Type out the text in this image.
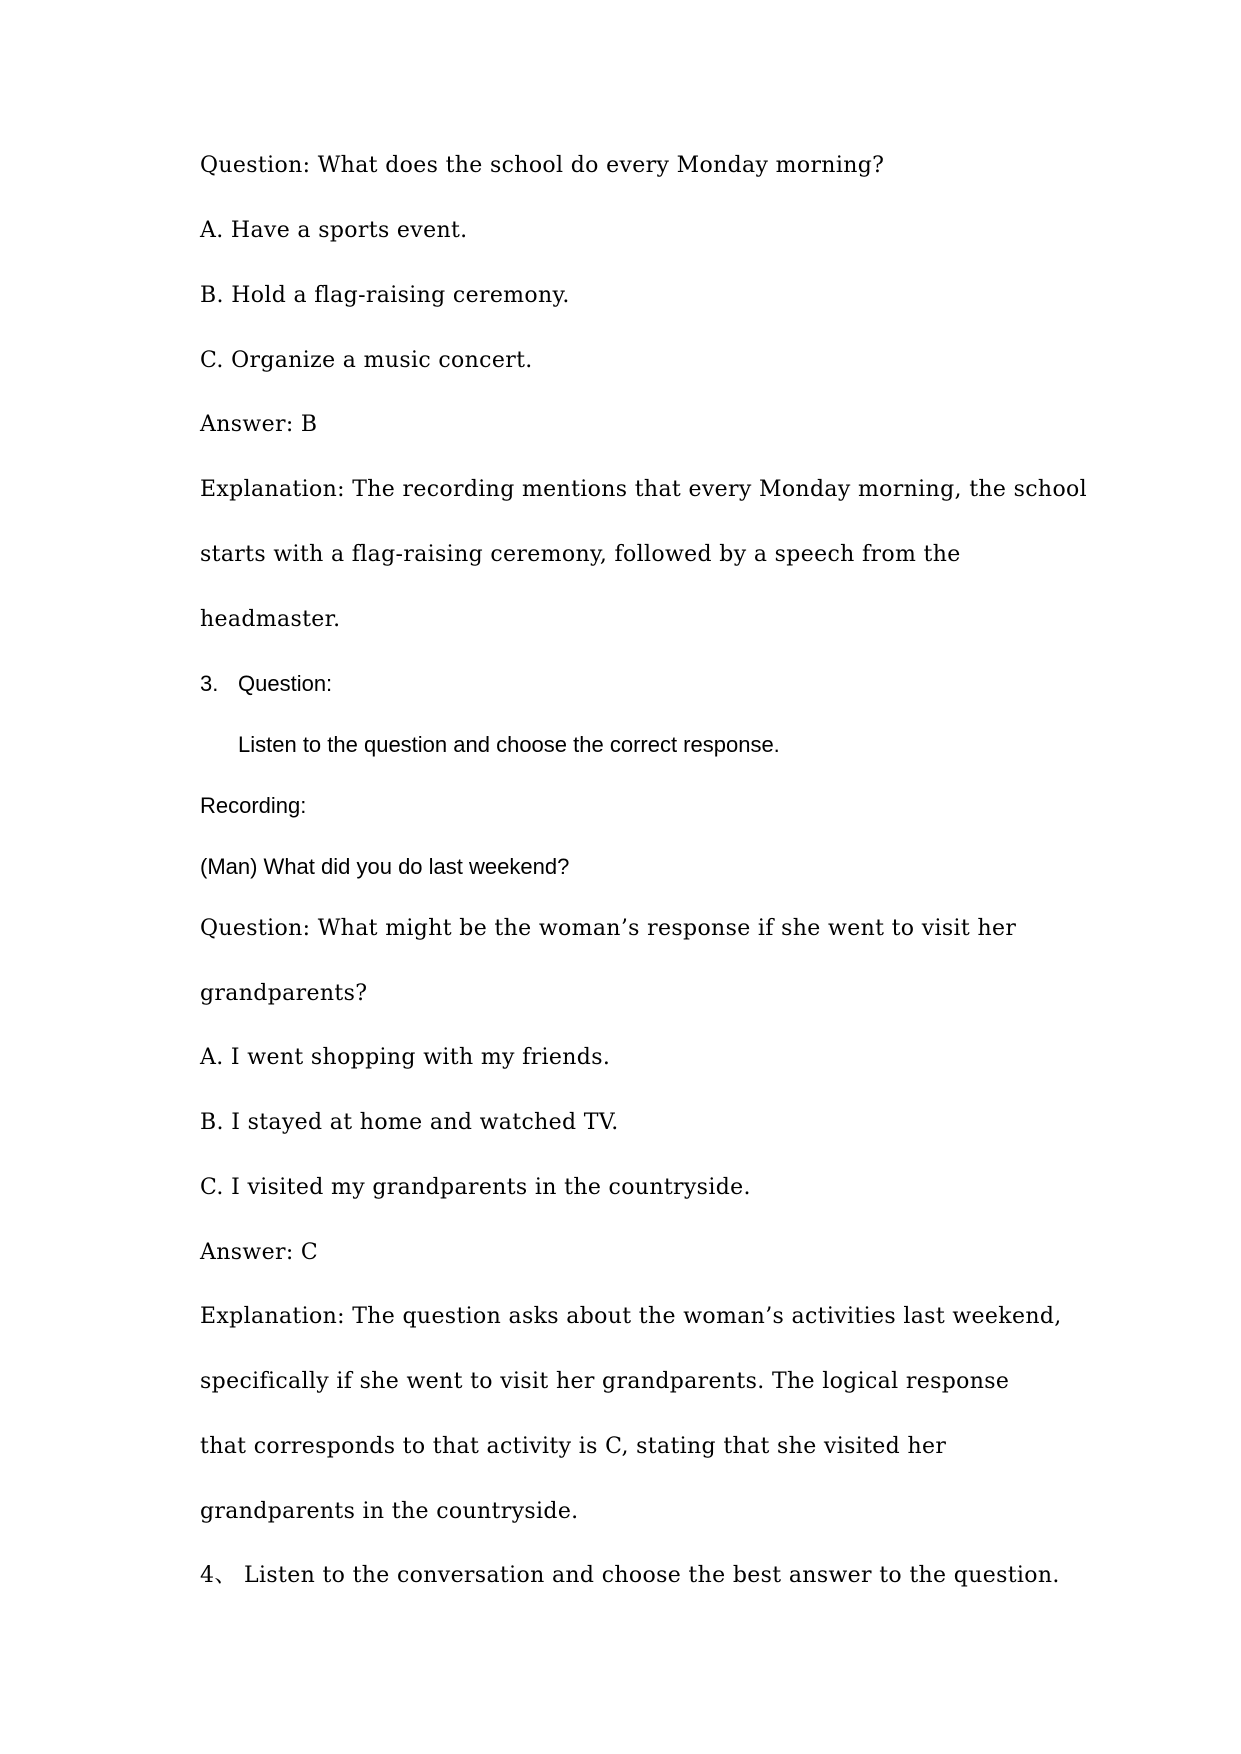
Question: What does the school do every Monday morning?

A. Have a sports event.

B. Hold a flag-raising ceremony.

C. Organize a music concert.

Answer: B

Explanation: The recording mentions that every Monday morning, the school

starts with a flag-raising ceremony, followed by a speech from the

headmaster.

3. Question:

Listen to the question and choose the correct response.

Recording:

(Man) What did you do last weekend?

Question: What might be the woman’s response if she went to visit her

grandparents?

A. I went shopping with my friends.

B. I stayed at home and watched TV.

C. I visited my grandparents in the countryside.

Answer: C

Explanation: The question asks about the woman’s activities last weekend,

specifically if she went to visit her grandparents. The logical response

that corresponds to that activity is C, stating that she visited her

grandparents in the countryside.

4、 Listen to the conversation and choose the best answer to the question.
